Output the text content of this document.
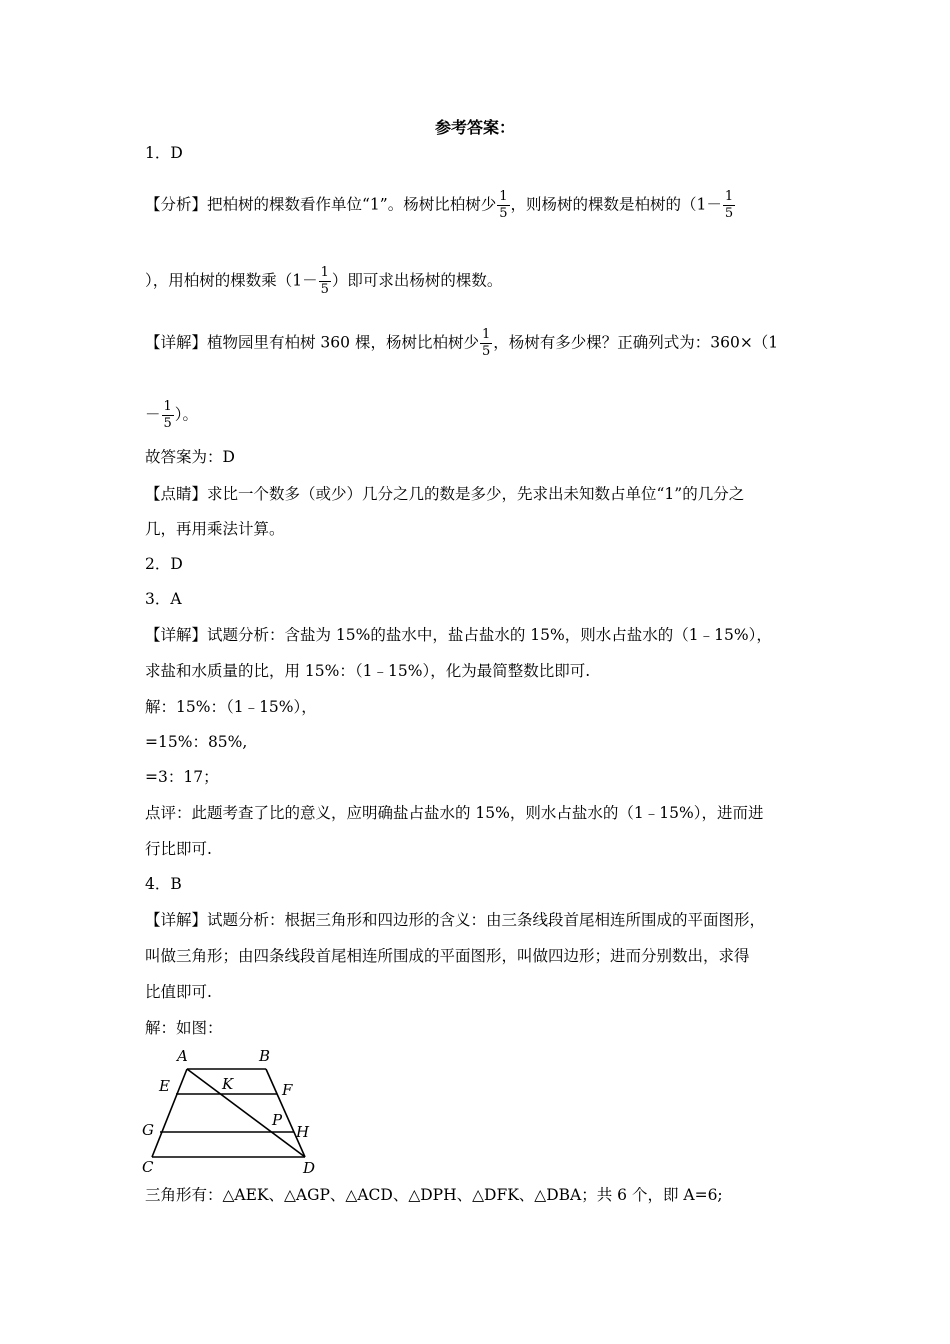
参考答案：
1．D
【分析】把柏树的棵数看作单位“1”。杨树比柏树少 $\frac{1}{5}$ ，则杨树的棵数是柏树的（$1- \frac{1}{5}$
），用柏树的棵数乘（$1- \frac{1}{5}$ ）即可求出杨树的棵数。
【详解】植物园里有柏树 360 棵，杨树比柏树少 $\frac{1}{5}$ ，杨树有多少棵？正确列式为：360×（1
－ $\frac{1}{5}$ ）。
故答案为：D
【点睛】求比一个数多（或少）几分之几的数是多少，先求出未知数占单位“1”的几分之
几，再用乘法计算。
2．D
3．A
【详解】试题分析：含盐为 15%的盐水中，盐占盐水的 15%，则水占盐水的（1﹣15%），
求盐和水质量的比，用 15%：（1﹣15%），化为最简整数比即可.
解：15%：（1﹣15%），
=15%：85%,
=3：17；
点评：此题考查了比的意义，应明确盐占盐水的 15%，则水占盐水的（1﹣15%），进而进
行比即可.
4．B
【详解】试题分析：根据三角形和四边形的含义：由三条线段首尾相连所围成的平面图形，
叫做三角形；由四条线段首尾相连所围成的平面图形，叫做四边形；进而分别数出，求得
比值即可.
解：如图：
A	B
E	K	F
P
G	H
C	D
三角形有：△AEK、△AGP、△ACD、△DPH、△DFK、△DBA；共 6 个，即 A=6;
